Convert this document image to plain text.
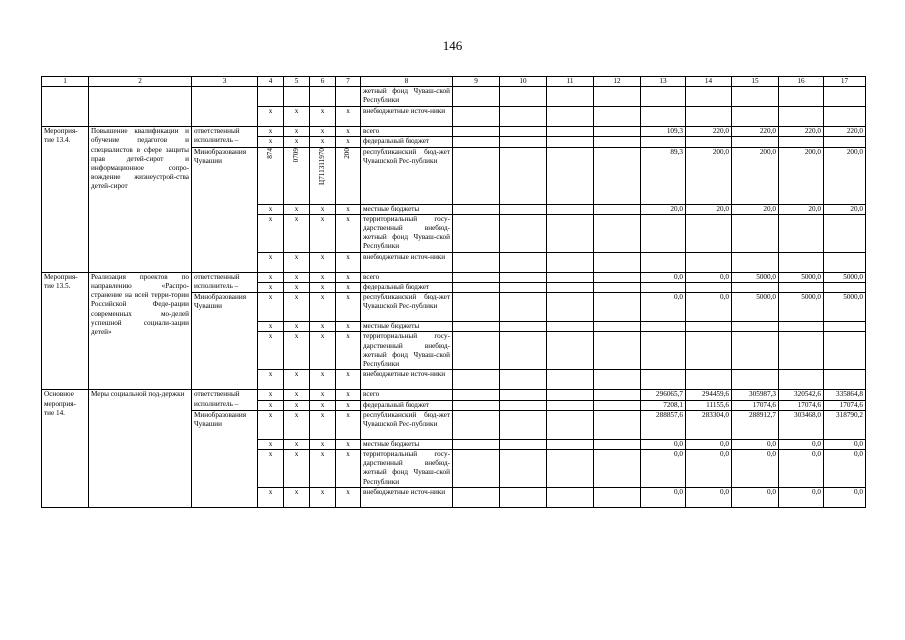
146
1	2	3	4	5	6	7	8	9	10	11	12	13	14	15	16	17
							жетный фонд Чуваш-ской Республики									
			x	x	x	x	внебюджетные источ-ники									
Мероприя-тие 13.4.	Повышение квалификации и обучение педагогов и специалистов в сфере защиты прав детей-сирот и информационное сопро-вождение жизнеустрой-ства детей-сирот	ответственный исполнитель –	x	x	x	x	всего					109,3	220,0	220,0	220,0	220,0
			x	x	x	x	федеральный бюджет									
		Минобразования Чувашии	874	0709	Ц711311970	200	республиканский бюд-жет Чувашской Рес-публики					89,3	200,0	200,0	200,0	200,0
			x	x	x	x	местные бюджеты					20,0	20,0	20,0	20,0	20,0
			x	x	x	x	территориальный госу-дарственный внебюд-жетный фонд Чуваш-ской Республики									
			x	x	x	x	внебюджетные источ-ники									
Мероприя-тие 13.5.	Реализация проектов по направлению «Распро-странение на всей терри-тории Российской Феде-рации современных мо-делей успешной социали-зации детей»	ответственный исполнитель –	x	x	x	x	всего					0,0	0,0	5000,0	5000,0	5000,0
			x	x	x	x	федеральный бюджет									
		Минобразования Чувашии	x	x	x	x	республиканский бюд-жет Чувашской Рес-публики					0,0	0,0	5000,0	5000,0	5000,0
			x	x	x	x	местные бюджеты									
			x	x	x	x	территориальный госу-дарственный внебюд-жетный фонд Чуваш-ской Республики									
			x	x	x	x	внебюджетные источ-ники									
Основное мероприя-тие 14.	Меры социальной под-держки	ответственный исполнитель –	x	x	x	x	всего					296065,7	294459,6	305987,3	320542,6	335864,8
			x	x	x	x	федеральный бюджет					7208,1	11155,6	17074,6	17074,6	17074,6
		Минобразования Чувашии	x	x	x	x	республиканский бюд-жет Чувашской Рес-публики					288857,6	283304,0	288912,7	303468,0	318790,2
			x	x	x	x	местные бюджеты					0,0	0,0	0,0	0,0	0,0
			x	x	x	x	территориальный госу-дарственный внебюд-жетный фонд Чуваш-ской Республики					0,0	0,0	0,0	0,0	0,0
			x	x	x	x	внебюджетные источ-ники					0,0	0,0	0,0	0,0	0,0
